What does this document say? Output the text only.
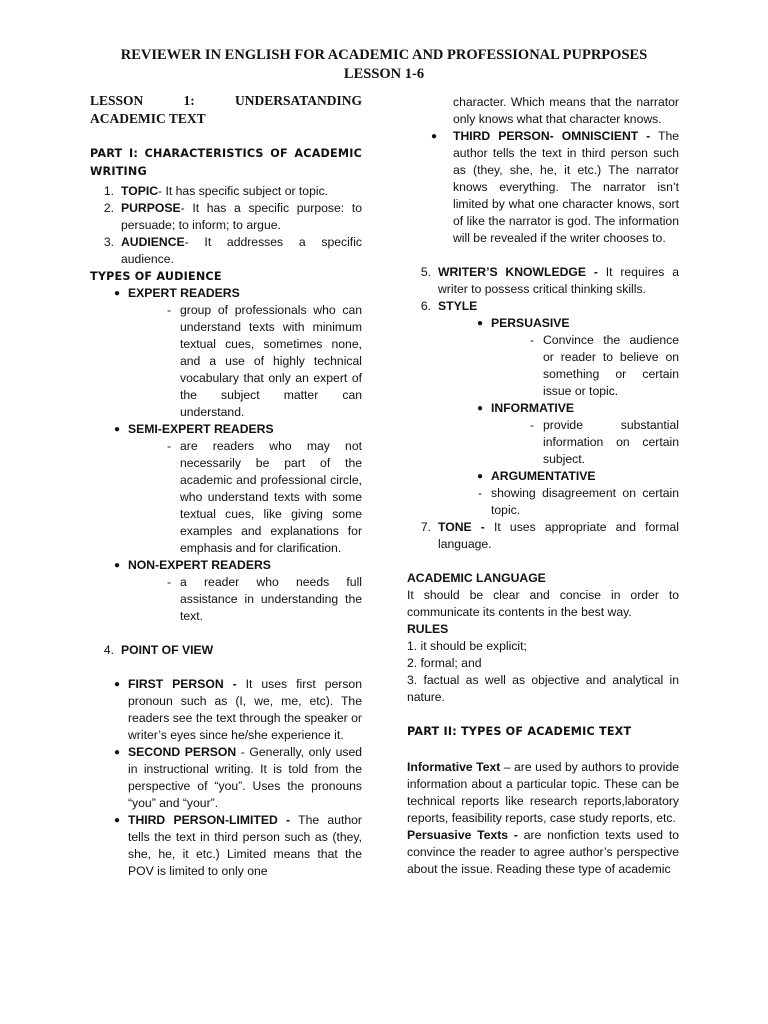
REVIEWER IN ENGLISH FOR ACADEMIC AND PROFESSIONAL PUPRPOSES
LESSON 1-6
LESSON 1: UNDERSATANDING ACADEMIC TEXT
PART I: CHARACTERISTICS OF ACADEMIC WRITING
1. TOPIC- It has specific subject or topic.
2. PURPOSE- It has a specific purpose: to persuade; to inform; to argue.
3. AUDIENCE- It addresses a specific audience.
TYPES OF AUDIENCE
● EXPERT READERS
- group of professionals who can understand texts with minimum textual cues, sometimes none, and a use of highly technical vocabulary that only an expert of the subject matter can understand.
● SEMI-EXPERT READERS
- are readers who may not necessarily be part of the academic and professional circle, who understand texts with some textual cues, like giving some examples and explanations for emphasis and for clarification.
● NON-EXPERT READERS
- a reader who needs full assistance in understanding the text.
4. POINT OF VIEW
● FIRST PERSON - It uses first person pronoun such as (I, we, me, etc). The readers see the text through the speaker or writer’s eyes since he/she experience it.
● SECOND PERSON - Generally, only used in instructional writing. It is told from the perspective of “you”. Uses the pronouns “you” and “your”.
● THIRD PERSON-LIMITED - The author tells the text in third person such as (they, she, he, it etc.) Limited means that the POV is limited to only one
character. Which means that the narrator only knows what that character knows.
●	THIRD PERSON- OMNISCIENT - The author tells the text in third person such as (they, she, he, it etc.) The narrator knows everything. The narrator isn’t limited by what one character knows, sort of like the narrator is god. The information will be revealed if the writer chooses to.
5. WRITER’S KNOWLEDGE - It requires a writer to possess critical thinking skills.
6. STYLE
● PERSUASIVE
- Convince the audience or reader to believe on something or certain issue or topic.
● INFORMATIVE
- provide substantial information on certain subject.
● ARGUMENTATIVE
- showing disagreement on certain topic.
7. TONE - It uses appropriate and formal language.
ACADEMIC LANGUAGE
It should be clear and concise in order to communicate its contents in the best way.
RULES
1. it should be explicit;
2. formal; and
3. factual as well as objective and analytical in nature.
PART II: TYPES OF ACADEMIC TEXT
Informative Text – are used by authors to provide information about a particular topic. These can be technical reports like research reports,laboratory reports, feasibility reports, case study reports, etc.
Persuasive Texts - are nonfiction texts used to convince the reader to agree author’s perspective about the issue. Reading these type of academic
